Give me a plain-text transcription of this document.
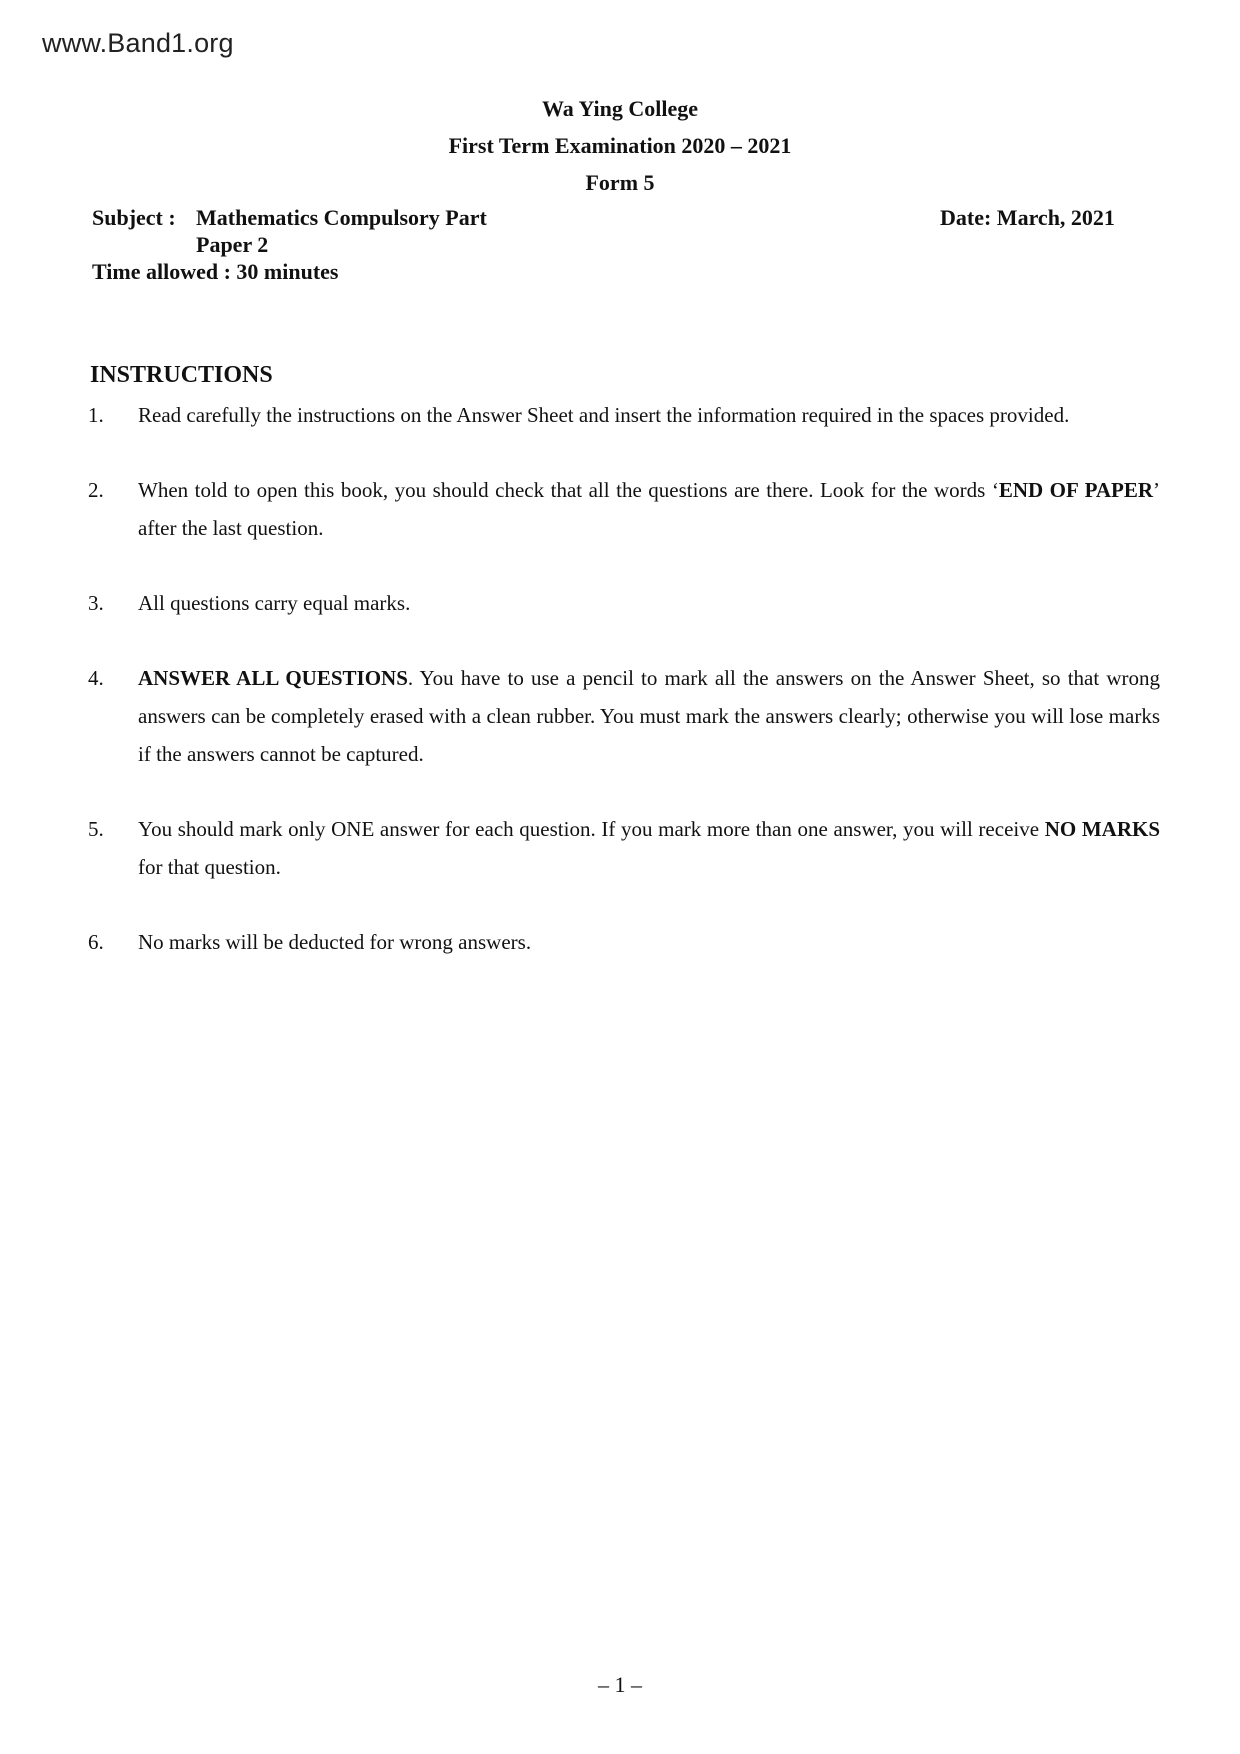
www.Band1.org
Wa Ying College
First Term Examination 2020 – 2021
Form 5
Subject : Mathematics Compulsory Part
Paper 2
Time allowed : 30 minutes
Date: March, 2021
INSTRUCTIONS
1.	Read carefully the instructions on the Answer Sheet and insert the information required in the spaces provided.
2.	When told to open this book, you should check that all the questions are there. Look for the words ‘END OF PAPER’ after the last question.
3.	All questions carry equal marks.
4.	ANSWER ALL QUESTIONS. You have to use a pencil to mark all the answers on the Answer Sheet, so that wrong answers can be completely erased with a clean rubber. You must mark the answers clearly; otherwise you will lose marks if the answers cannot be captured.
5.	You should mark only ONE answer for each question. If you mark more than one answer, you will receive NO MARKS for that question.
6.	No marks will be deducted for wrong answers.
– 1 –
